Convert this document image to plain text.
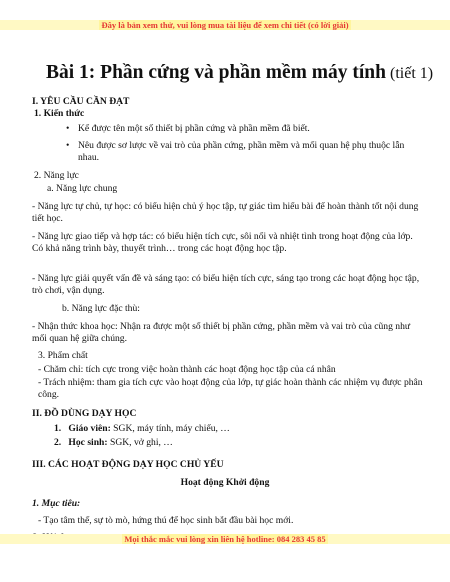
Đây là bản xem thử, vui lòng mua tài liệu để xem chi tiết (có lời giải)
Bài 1: Phần cứng và phần mềm máy tính (tiết 1)
I. YÊU CẦU CẦN ĐẠT
1. Kiến thức
• Kể được tên một số thiết bị phần cứng và phần mềm đã biết.
• Nêu được sơ lược về vai trò của phần cứng, phần mềm và mối quan hệ phụ thuộc lẫn nhau.
2. Năng lực
a. Năng lực chung
- Năng lực tự chủ, tự học: có biểu hiện chủ ý học tập, tự giác tìm hiểu bài để hoàn thành tốt nội dung tiết học.
- Năng lực giao tiếp và hợp tác: có biểu hiện tích cực, sôi nổi và nhiệt tình trong hoạt động của lớp. Có khả năng trình bày, thuyết trình… trong các hoạt động học tập.
- Năng lực giải quyết vấn đề và sáng tạo: có biểu hiện tích cực, sáng tạo trong các hoạt động học tập, trò chơi, vận dụng.
b. Năng lực đặc thù:
- Nhận thức khoa học: Nhận ra được một số thiết bị phần cứng, phần mềm và vai trò của cũng như mối quan hệ giữa chúng.
3. Phẩm chất
- Chăm chỉ: tích cực trong việc hoàn thành các hoạt động học tập của cá nhân
- Trách nhiệm: tham gia tích cực vào hoạt động của lớp, tự giác hoàn thành các nhiệm vụ được phân công.
II. ĐỒ DÙNG DẠY HỌC
1. Giáo viên: SGK, máy tính, máy chiếu, …
2. Học sinh: SGK, vở ghi, …
III. CÁC HOẠT ĐỘNG DẠY HỌC CHỦ YẾU
Hoạt động Khởi động
1. Mục tiêu:
- Tạo tâm thế, sự tò mò, hứng thú để học sinh bắt đầu bài học mới.
Mọi thắc mắc vui lòng xin liên hệ hotline: 084 283 45 85
